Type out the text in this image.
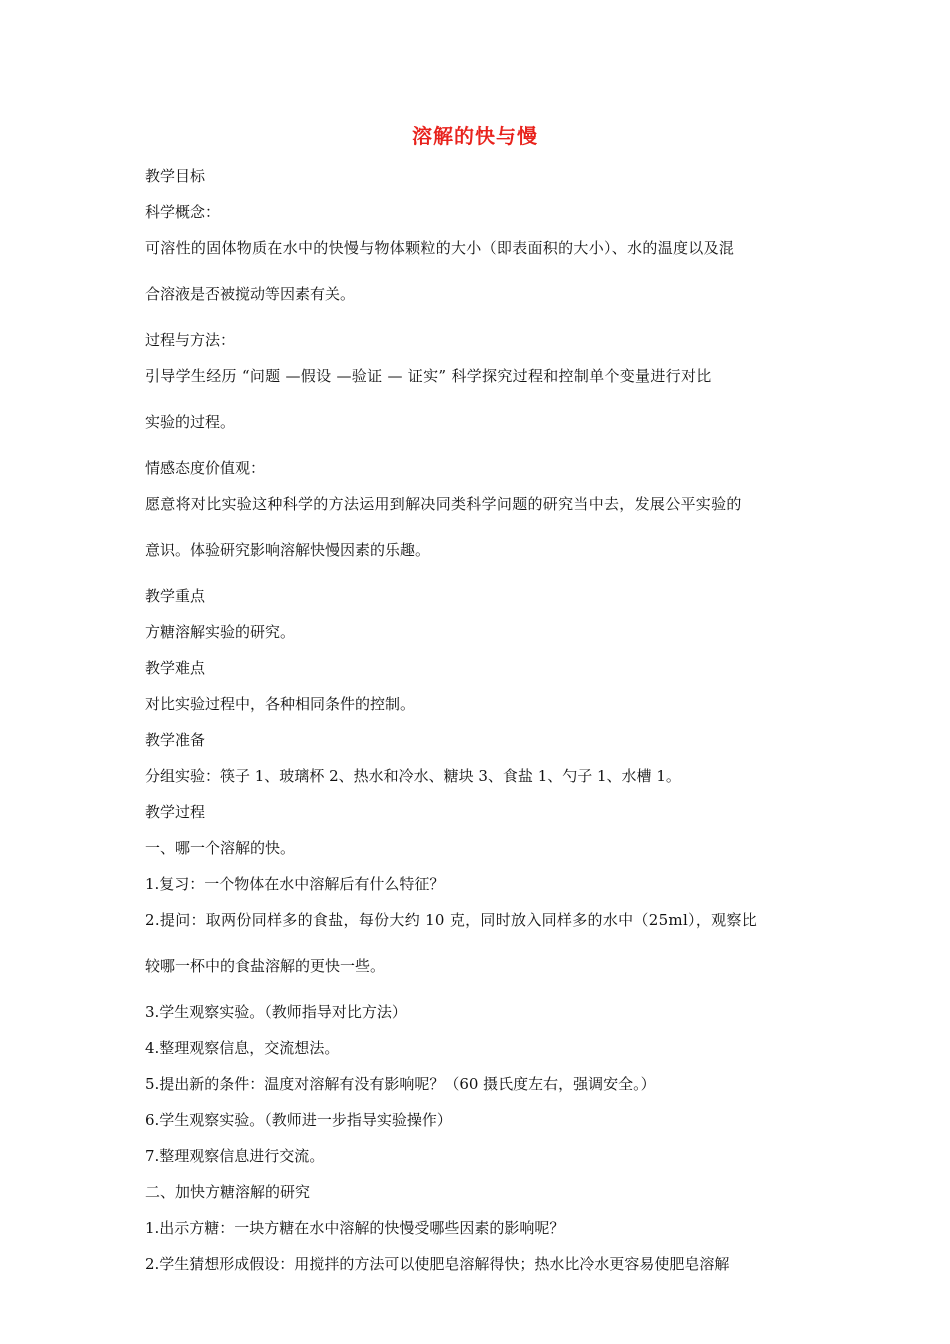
溶解的快与慢
教学目标
科学概念：
可溶性的固体物质在水中的快慢与物体颗粒的大小（即表面积的大小）、水的温度以及混
合溶液是否被搅动等因素有关。
过程与方法：
引导学生经历 “问题 —假设 —验证 — 证实” 科学探究过程和控制单个变量进行对比
实验的过程。
情感态度价值观：
愿意将对比实验这种科学的方法运用到解决同类科学问题的研究当中去，发展公平实验的
意识。体验研究影响溶解快慢因素的乐趣。
教学重点
方糖溶解实验的研究。
教学难点
对比实验过程中，各种相同条件的控制。
教学准备
分组实验：筷子 1、玻璃杯 2、热水和冷水、糖块 3、食盐 1、勺子 1、水槽 1。
教学过程
一、哪一个溶解的快。
1.复习：一个物体在水中溶解后有什么特征？
2.提问：取两份同样多的食盐，每份大约 10 克，同时放入同样多的水中（25ml），观察比
较哪一杯中的食盐溶解的更快一些。
3.学生观察实验。（教师指导对比方法）
4.整理观察信息，交流想法。
5.提出新的条件：温度对溶解有没有影响呢？（60 摄氏度左右，强调安全。）
6.学生观察实验。（教师进一步指导实验操作）
7.整理观察信息进行交流。
二、加快方糖溶解的研究
1.出示方糖：一块方糖在水中溶解的快慢受哪些因素的影响呢？
2.学生猜想形成假设：用搅拌的方法可以使肥皂溶解得快；热水比冷水更容易使肥皂溶解
